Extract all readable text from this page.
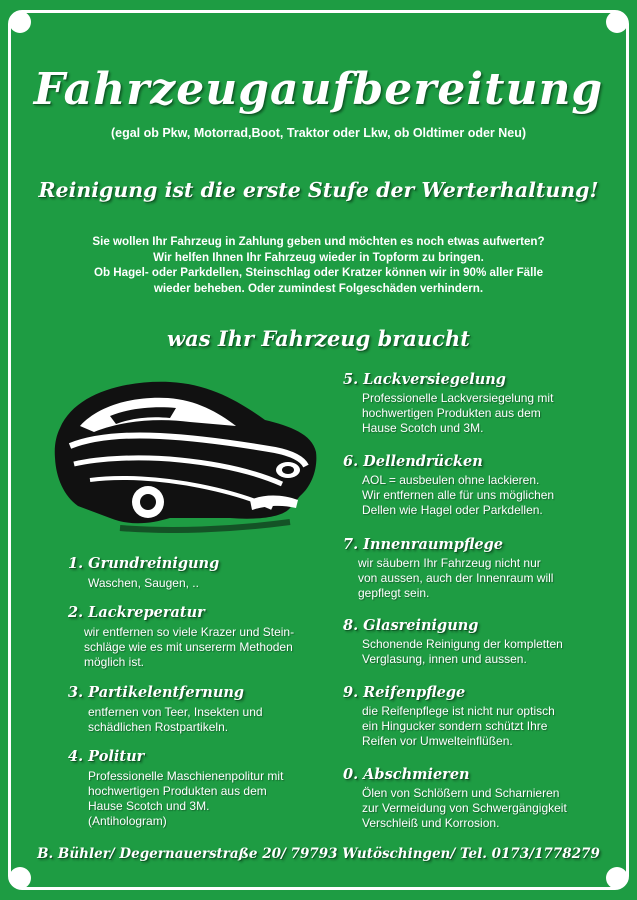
Fahrzeugaufbereitung
(egal ob Pkw, Motorrad,Boot, Traktor oder Lkw, ob Oldtimer oder Neu)
Reinigung ist die erste Stufe der Werterhaltung!
Sie wollen Ihr Fahrzeug in Zahlung geben und möchten es noch etwas aufwerten?
Wir helfen Ihnen Ihr Fahrzeug wieder in Topform zu bringen.
Ob Hagel- oder Parkdellen, Steinschlag oder Kratzer können wir in 90% aller Fälle
wieder beheben. Oder zumindest Folgeschäden verhindern.
was Ihr Fahrzeug braucht
1. Grundreinigung
Waschen, Saugen, ..
2. Lackreperatur
wir entfernen so viele Krazer und Stein-
schläge wie es mit unsererm Methoden
möglich ist.
3. Partikelentfernung
entfernen von Teer, Insekten und
schädlichen Rostpartikeln.
4. Politur
Professionelle Maschienenpolitur mit
hochwertigen Produkten aus dem
Hause Scotch und 3M.
(Antihologram)
5. Lackversiegelung
Professionelle Lackversiegelung mit
hochwertigen Produkten aus dem
Hause Scotch und 3M.
6. Dellendrücken
AOL = ausbeulen ohne lackieren.
Wir entfernen alle für uns möglichen
Dellen wie Hagel oder Parkdellen.
7. Innenraumpflege
wir säubern Ihr Fahrzeug nicht nur
von aussen, auch der Innenraum will
gepflegt sein.
8. Glasreinigung
Schonende Reinigung der kompletten
Verglasung, innen und aussen.
9. Reifenpflege
die Reifenpflege ist nicht nur optisch
ein Hingucker sondern schützt Ihre
Reifen vor Umwelteinflüßen.
0. Abschmieren
Ölen von Schlößern und Scharnieren
zur Vermeidung von Schwergängigkeit
Verschleiß und Korrosion.
B. Bühler/ Degernauerstraße 20/ 79793 Wutöschingen/ Tel. 0173/1778279
